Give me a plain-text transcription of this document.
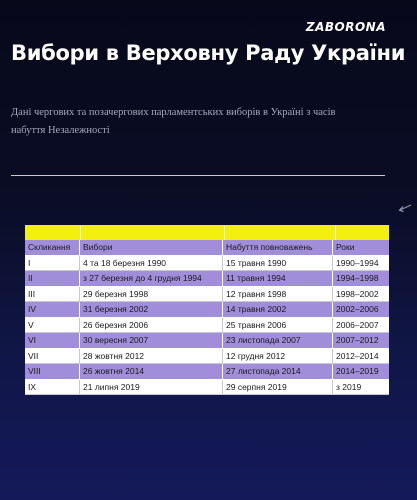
ZABORONA
Вибори в Верховну Раду України
Дані чергових та позачергових парламентських виборів в Україні з часів
набуття Незалежності
Скликання	Вибори	Набуття повноважень	Роки
I	4 та 18 березня 1990	15 травня 1990	1990–1994
II	з 27 березня до 4 грудня 1994	11 травня 1994	1994–1998
III	29 березня 1998	12 травня 1998	1998–2002
IV	31 березня 2002	14 травня 2002	2002–2006
V	26 березня 2006	25 травня 2006	2006–2007
VI	30 вересня 2007	23 листопада 2007	2007–2012
VII	28 жовтня 2012	12 грудня 2012	2012–2014
VIII	26 жовтня 2014	27 листопада 2014	2014–2019
IX	21 липня 2019	29 серпня 2019	з 2019
